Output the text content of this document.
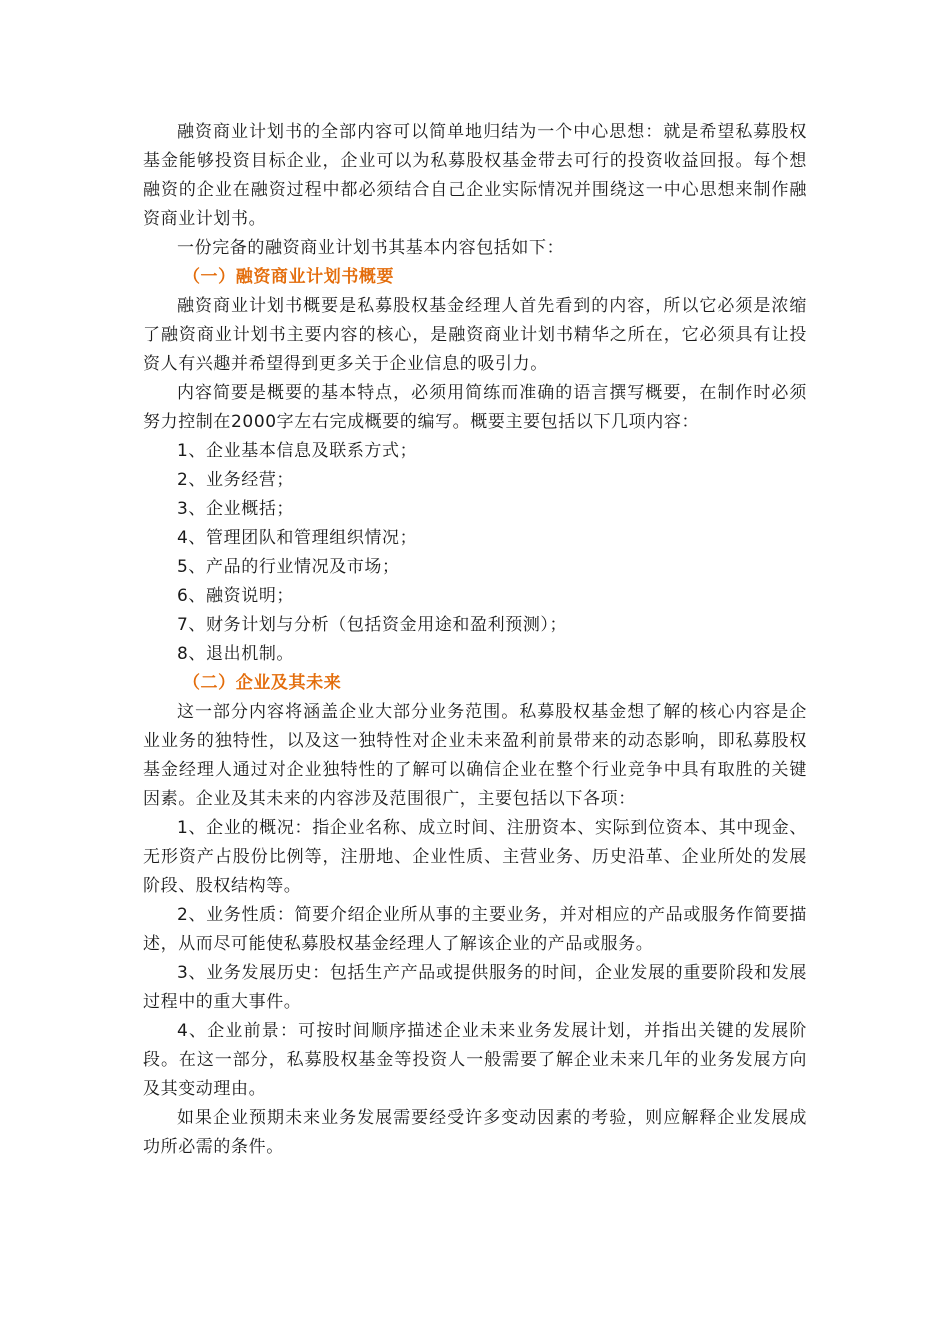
融资商业计划书的全部内容可以简单地归结为一个中心思想：就是希望私募股权基金能够投资目标企业，企业可以为私募股权基金带去可行的投资收益回报。每个想融资的企业在融资过程中都必须结合自己企业实际情况并围绕这一中心思想来制作融资商业计划书。

一份完备的融资商业计划书其基本内容包括如下：

（一）融资商业计划书概要

融资商业计划书概要是私募股权基金经理人首先看到的内容，所以它必须是浓缩了融资商业计划书主要内容的核心，是融资商业计划书精华之所在，它必须具有让投资人有兴趣并希望得到更多关于企业信息的吸引力。

内容简要是概要的基本特点，必须用简练而准确的语言撰写概要，在制作时必须努力控制在2000字左右完成概要的编写。概要主要包括以下几项内容：

1、企业基本信息及联系方式；

2、业务经营；

3、企业概括；

4、管理团队和管理组织情况；

5、产品的行业情况及市场；

6、融资说明；

7、财务计划与分析（包括资金用途和盈利预测）；

8、退出机制。

（二）企业及其未来

这一部分内容将涵盖企业大部分业务范围。私募股权基金想了解的核心内容是企业业务的独特性，以及这一独特性对企业未来盈利前景带来的动态影响，即私募股权基金经理人通过对企业独特性的了解可以确信企业在整个行业竞争中具有取胜的关键因素。企业及其未来的内容涉及范围很广，主要包括以下各项：

1、企业的概况：指企业名称、成立时间、注册资本、实际到位资本、其中现金、无形资产占股份比例等，注册地、企业性质、主营业务、历史沿革、企业所处的发展阶段、股权结构等。

2、业务性质：简要介绍企业所从事的主要业务，并对相应的产品或服务作简要描述，从而尽可能使私募股权基金经理人了解该企业的产品或服务。

3、业务发展历史：包括生产产品或提供服务的时间，企业发展的重要阶段和发展过程中的重大事件。

4、企业前景：可按时间顺序描述企业未来业务发展计划，并指出关键的发展阶段。在这一部分，私募股权基金等投资人一般需要了解企业未来几年的业务发展方向及其变动理由。

如果企业预期未来业务发展需要经受许多变动因素的考验，则应解释企业发展成功所必需的条件。
